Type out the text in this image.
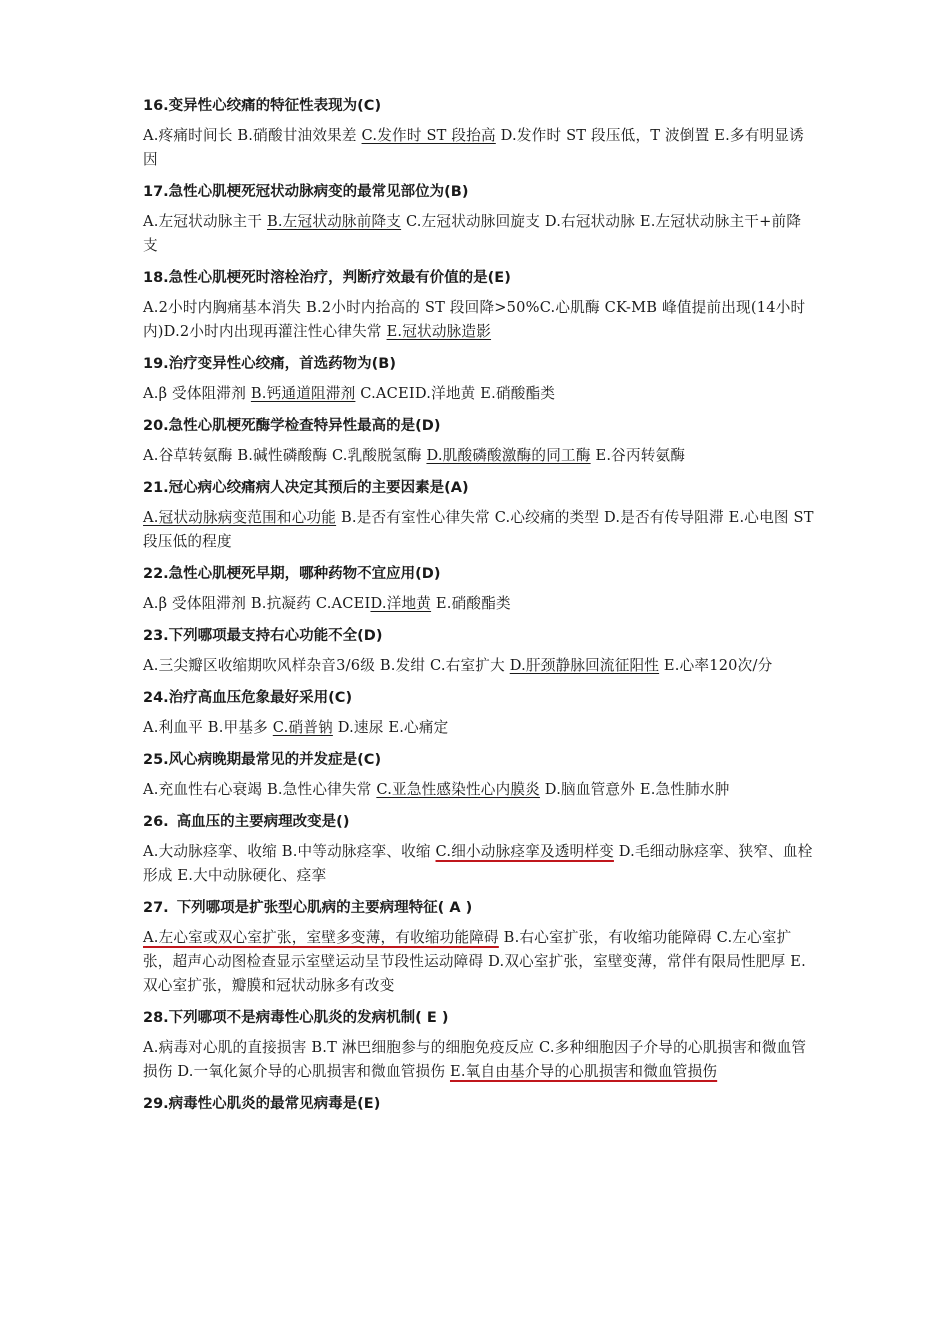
16.变异性心绞痛的特征性表现为(C)

A.疼痛时间长 B.硝酸甘油效果差 C.发作时 ST 段抬高 D.发作时 ST 段压低，T 波倒置 E.多有明显诱因

17.急性心肌梗死冠状动脉病变的最常见部位为(B)

A.左冠状动脉主干 B.左冠状动脉前降支 C.左冠状动脉回旋支 D.右冠状动脉 E.左冠状动脉主干+前降支

18.急性心肌梗死时溶栓治疗，判断疗效最有价值的是(E)

A.2小时内胸痛基本消失 B.2小时内抬高的 ST 段回降>50%C.心肌酶 CK-MB 峰值提前出现(14小时内)D.2小时内出现再灌注性心律失常 E.冠状动脉造影

19.治疗变异性心绞痛，首选药物为(B)

A.β 受体阻滞剂 B.钙通道阻滞剂 C.ACEID.洋地黄 E.硝酸酯类

20.急性心肌梗死酶学检查特异性最高的是(D)

A.谷草转氨酶 B.碱性磷酸酶 C.乳酸脱氢酶 D.肌酸磷酸激酶的同工酶 E.谷丙转氨酶

21.冠心病心绞痛病人决定其预后的主要因素是(A)

A.冠状动脉病变范围和心功能 B.是否有室性心律失常 C.心绞痛的类型 D.是否有传导阻滞 E.心电图 ST 段压低的程度

22.急性心肌梗死早期，哪种药物不宜应用(D)

A.β 受体阻滞剂 B.抗凝药 C.ACEID.洋地黄 E.硝酸酯类

23.下列哪项最支持右心功能不全(D)

A.三尖瓣区收缩期吹风样杂音3/6级 B.发绀 C.右室扩大 D.肝颈静脉回流征阳性 E.心率120次/分

24.治疗高血压危象最好采用(C)

A.利血平 B.甲基多 C.硝普钠 D.速尿 E.心痛定

25.风心病晚期最常见的并发症是(C)

A.充血性右心衰竭 B.急性心律失常 C.亚急性感染性心内膜炎 D.脑血管意外 E.急性肺水肿

26. 高血压的主要病理改变是()

A.大动脉痉挛、收缩 B.中等动脉痉挛、收缩 C.细小动脉痉挛及透明样变 D.毛细动脉痉挛、狭窄、血栓形成 E.大中动脉硬化、痉挛

27. 下列哪项是扩张型心肌病的主要病理特征( A )

A.左心室或双心室扩张，室壁多变薄，有收缩功能障碍 B.右心室扩张，有收缩功能障碍 C.左心室扩张，超声心动图检查显示室壁运动呈节段性运动障碍 D.双心室扩张，室壁变薄，常伴有限局性肥厚 E.双心室扩张，瓣膜和冠状动脉多有改变

28.下列哪项不是病毒性心肌炎的发病机制( E )

A.病毒对心肌的直接损害 B.T 淋巴细胞参与的细胞免疫反应 C.多种细胞因子介导的心肌损害和微血管损伤 D.一氧化氮介导的心肌损害和微血管损伤 E.氧自由基介导的心肌损害和微血管损伤

29.病毒性心肌炎的最常见病毒是(E)
